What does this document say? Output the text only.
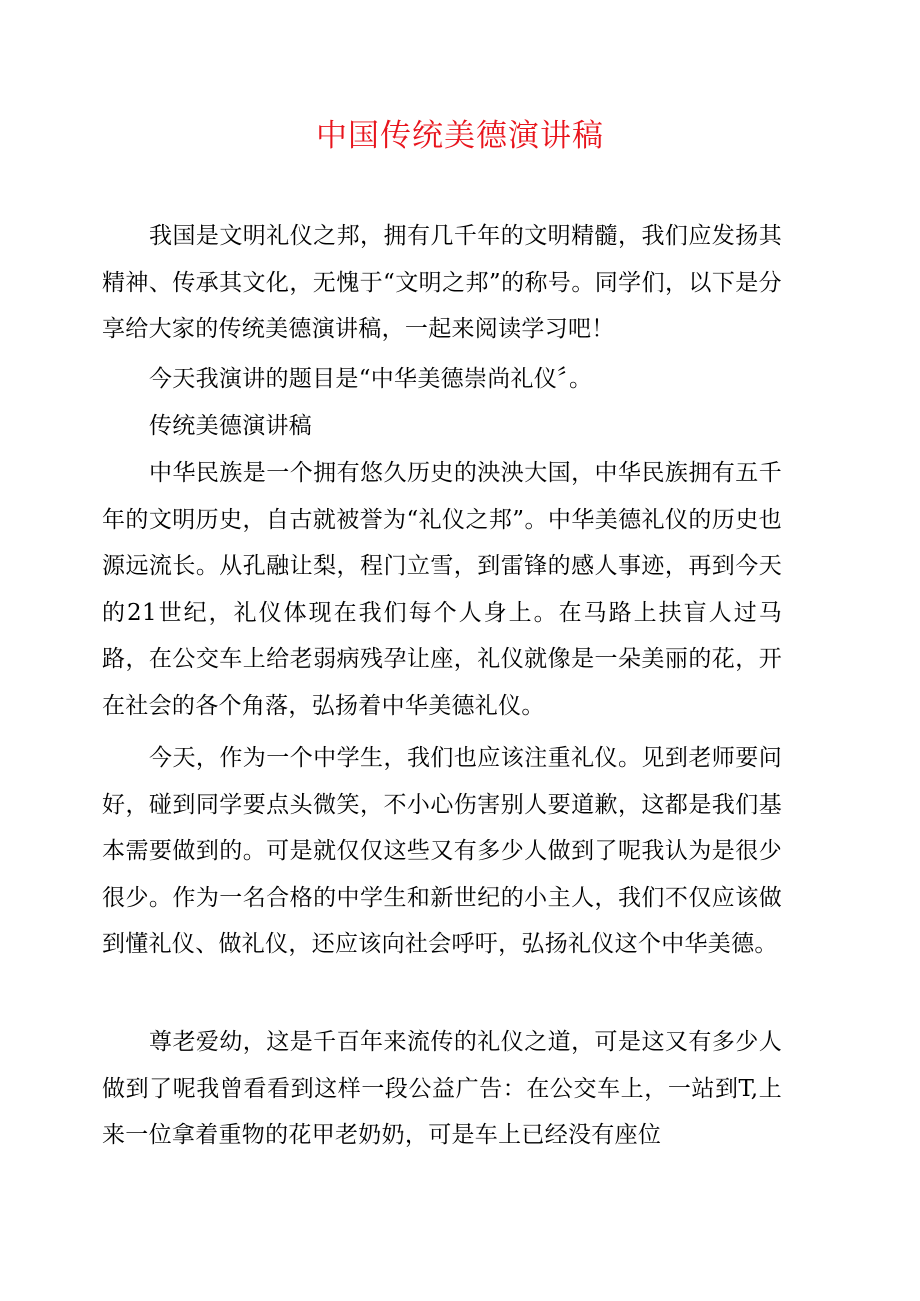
中国传统美德演讲稿

我国是文明礼仪之邦，拥有几千年的文明精髓，我们应发扬其精神、传承其文化，无愧于“文明之邦”的称号。同学们，以下是分享给大家的传统美德演讲稿，一起来阅读学习吧！

今天我演讲的题目是“中华美德崇尚礼仪〞。

传统美德演讲稿

中华民族是一个拥有悠久历史的泱泱大国，中华民族拥有五千年的文明历史，自古就被誉为“礼仪之邦”。中华美德礼仪的历史也源远流长。从孔融让梨，程门立雪，到雷锋的感人事迹，再到今天的21世纪，礼仪体现在我们每个人身上。在马路上扶盲人过马路，在公交车上给老弱病残孕让座，礼仪就像是一朵美丽的花，开在社会的各个角落，弘扬着中华美德礼仪。

今天，作为一个中学生，我们也应该注重礼仪。见到老师要问好，碰到同学要点头微笑，不小心伤害别人要道歉，这都是我们基本需要做到的。可是就仅仅这些又有多少人做到了呢我认为是很少很少。作为一名合格的中学生和新世纪的小主人，我们不仅应该做到懂礼仪、做礼仪，还应该向社会呼吁，弘扬礼仪这个中华美德。

尊老爱幼，这是千百年来流传的礼仪之道，可是这又有多少人做到了呢我曾看看到这样一段公益广告：在公交车上，一站到T,上来一位拿着重物的花甲老奶奶，可是车上已经没有座位
